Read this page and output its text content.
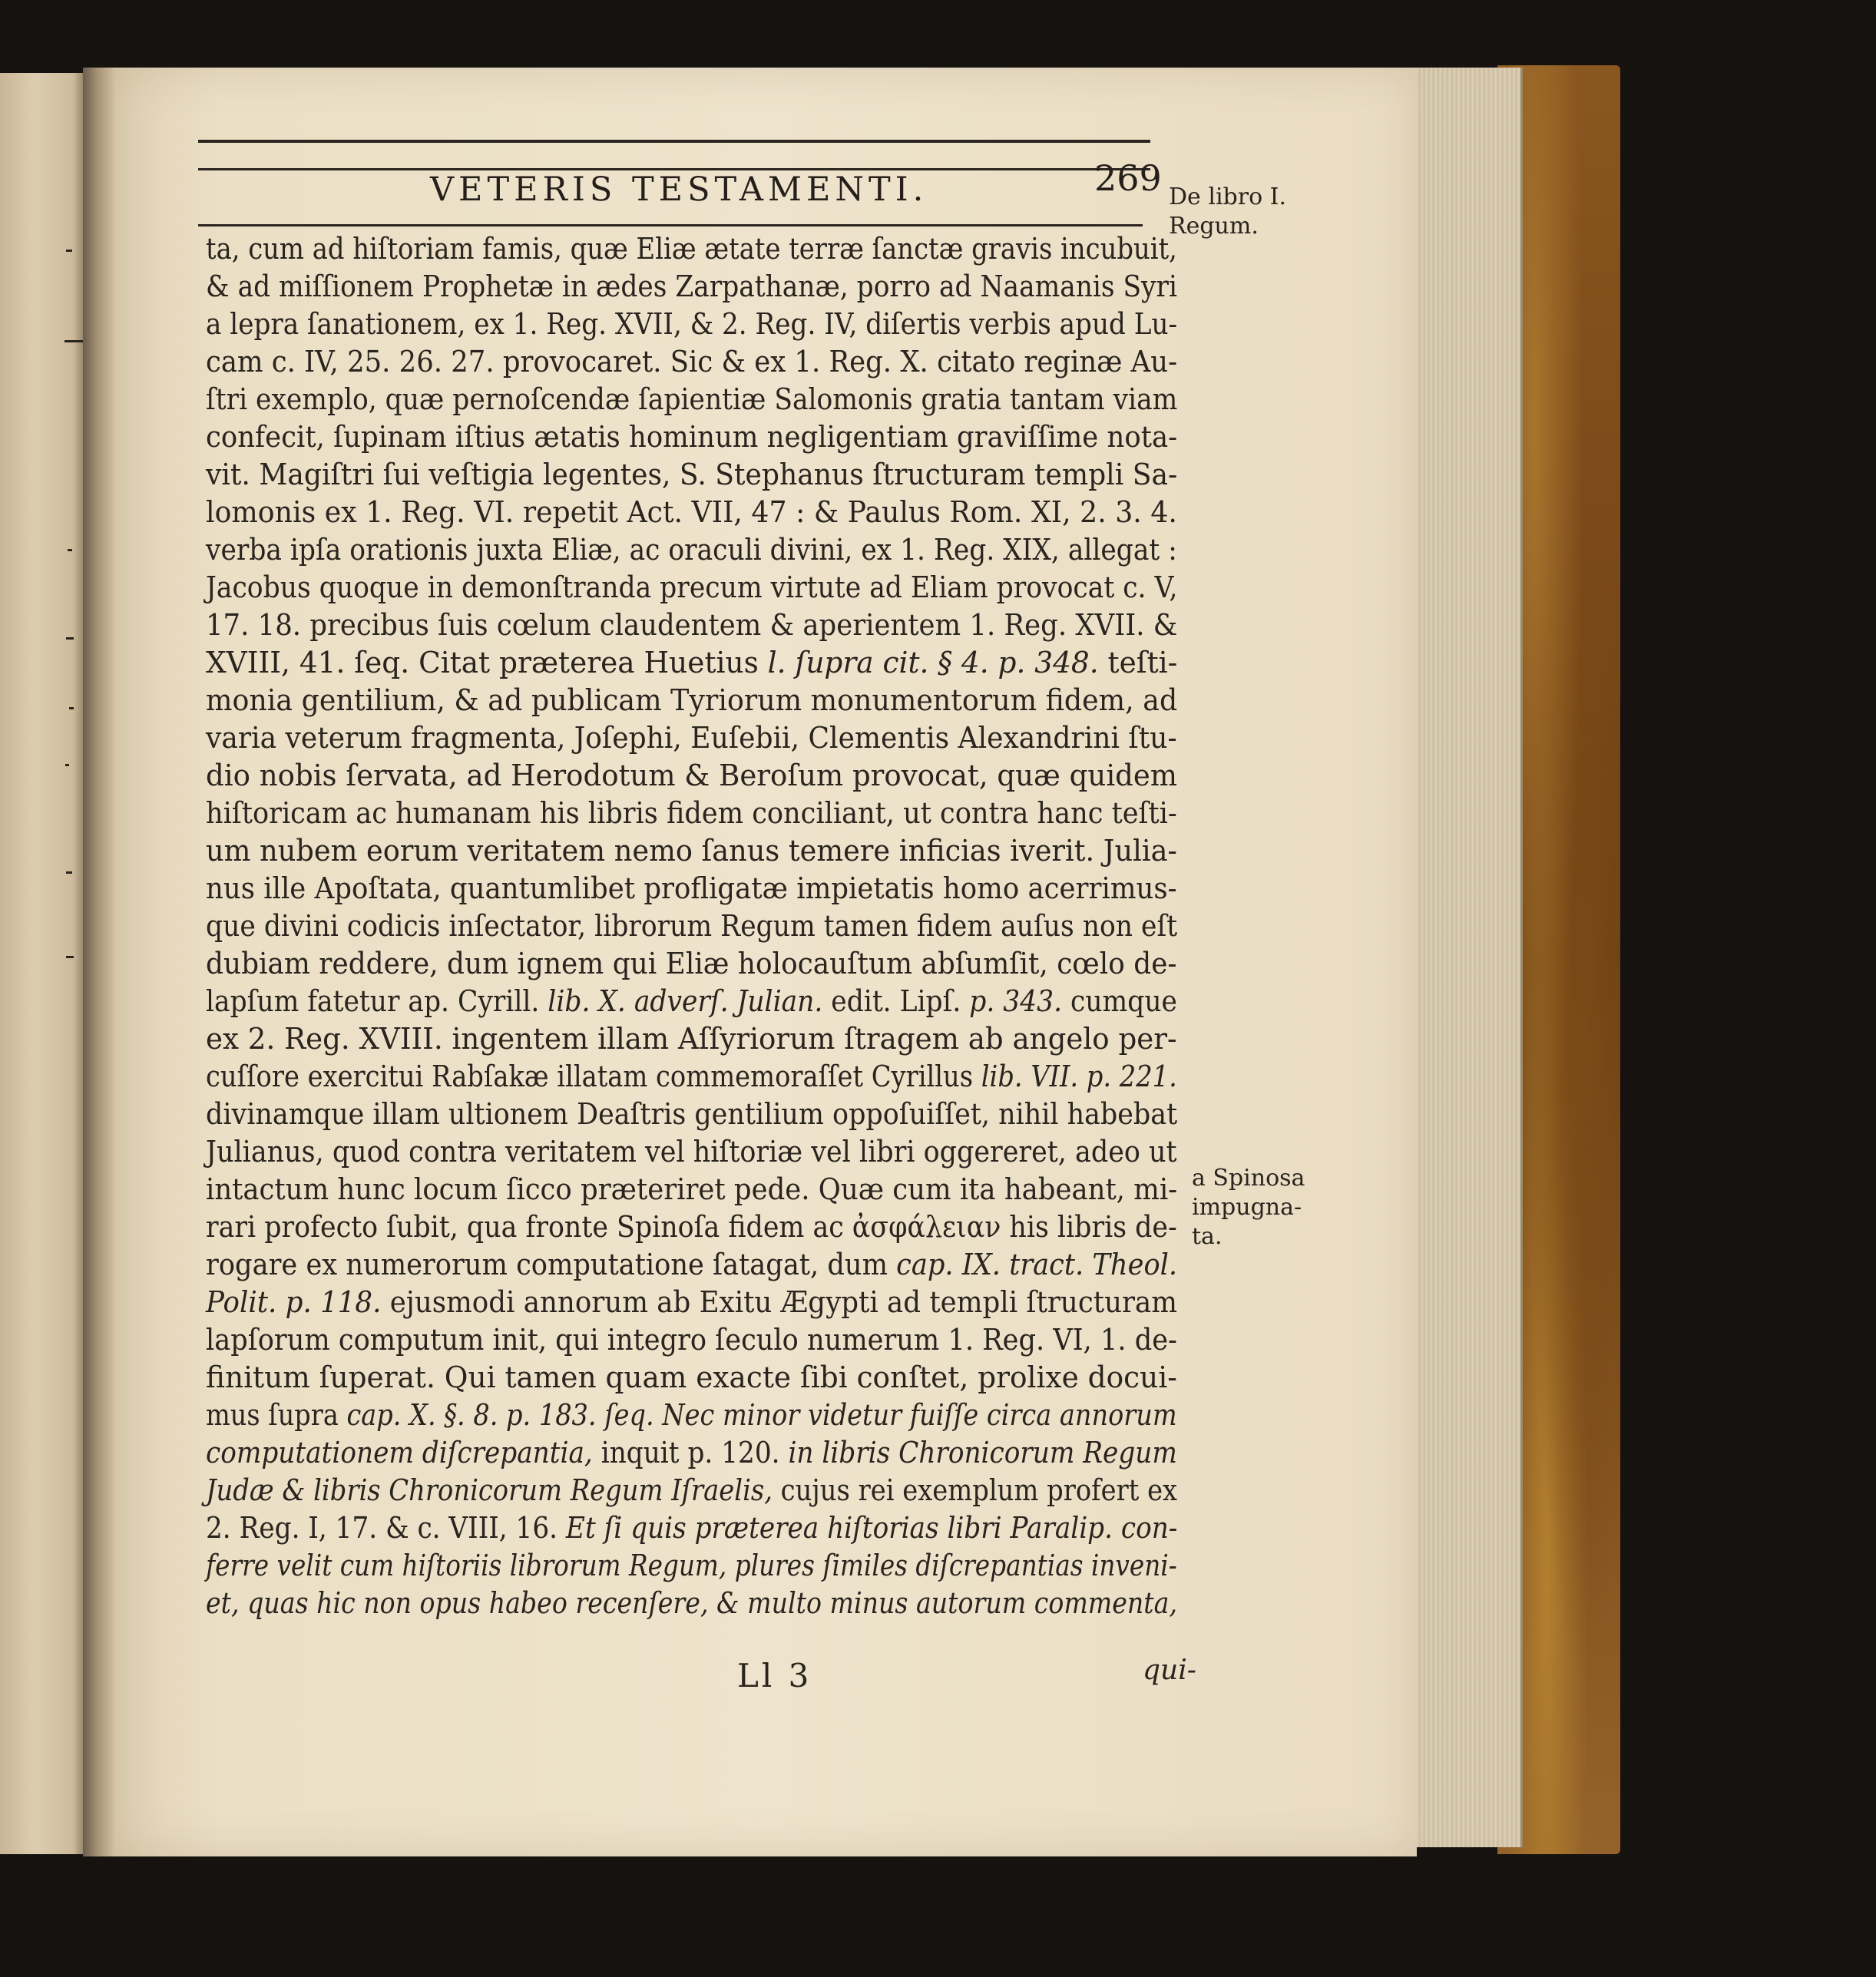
VETERIS TESTAMENTI.	269
ta, cum ad hiſtoriam famis, quæ Eliæ ætate terræ ſanctæ gravis incubuit,
& ad miſſionem Prophetæ in ædes Zarpathanæ, porro ad Naamanis Syri
a lepra ſanationem, ex 1. Reg. XVII, & 2. Reg. IV, diſertis verbis apud Lu-
cam c. IV, 25. 26. 27. provocaret. Sic & ex 1. Reg. X. citato reginæ Au-
ſtri exemplo, quæ pernoſcendæ ſapientiæ Salomonis gratia tantam viam
confecit, ſupinam iſtius ætatis hominum negligentiam graviſſime nota-
vit. Magiſtri ſui veſtigia legentes, S. Stephanus ſtructuram templi Sa-
lomonis ex 1. Reg. VI. repetit Act. VII, 47 : & Paulus Rom. XI, 2. 3. 4.
verba ipſa orationis juxta Eliæ, ac oraculi divini, ex 1. Reg. XIX, allegat :
Jacobus quoque in demonſtranda precum virtute ad Eliam provocat c. V,
17. 18. precibus ſuis cœlum claudentem & aperientem 1. Reg. XVII. &
XVIII, 41. ſeq. Citat præterea Huetius l. ſupra cit. § 4. p. 348. teſti-
monia gentilium, & ad publicam Tyriorum monumentorum fidem, ad
varia veterum fragmenta, Joſephi, Euſebii, Clementis Alexandrini ſtu-
dio nobis ſervata, ad Herodotum & Beroſum provocat, quæ quidem
hiſtoricam ac humanam his libris fidem conciliant, ut contra hanc teſti-
um nubem eorum veritatem nemo ſanus temere inficias iverit. Julia-
nus ille Apoſtata, quantumlibet profligatæ impietatis homo acerrimus-
que divini codicis inſectator, librorum Regum tamen fidem auſus non eſt
dubiam reddere, dum ignem qui Eliæ holocauſtum abſumſit, cœlo de-
lapſum fatetur ap. Cyrill. lib. X. adverſ. Julian. edit. Lipſ. p. 343. cumque
ex 2. Reg. XVIII. ingentem illam Aſſyriorum ſtragem ab angelo per-
cuſſore exercitui Rabſakæ illatam commemoraſſet Cyrillus lib. VII. p. 221.
divinamque illam ultionem Deaſtris gentilium oppoſuiſſet, nihil habebat
Julianus, quod contra veritatem vel hiſtoriæ vel libri oggereret, adeo ut
intactum hunc locum ſicco præteriret pede. Quæ cum ita habeant, mi-
rari profecto ſubit, qua fronte Spinoſa fidem ac ἀσφάλειαν his libris de-
rogare ex numerorum computatione ſatagat, dum cap. IX. tract. Theol.
Polit. p. 118. ejusmodi annorum ab Exitu Ægypti ad templi ſtructuram
lapſorum computum init, qui integro ſeculo numerum 1. Reg. VI, 1. de-
finitum ſuperat. Qui tamen quam exacte ſibi conſtet, prolixe docui-
mus ſupra cap. X. §. 8. p. 183. ſeq. Nec minor videtur fuiſſe circa annorum
computationem diſcrepantia, inquit p. 120. in libris Chronicorum Regum
Judæ & libris Chronicorum Regum Iſraelis, cujus rei exemplum profert ex
2. Reg. I, 17. & c. VIII, 16. Et ſi quis præterea hiſtorias libri Paralip. con-
ferre velit cum hiſtoriis librorum Regum, plures ſimiles diſcrepantias inveni-
et, quas hic non opus habeo recenſere, & multo minus autorum commenta,
De libro I.
Regum.
a Spinosa
impugna-
ta.
Ll 3	qui-
